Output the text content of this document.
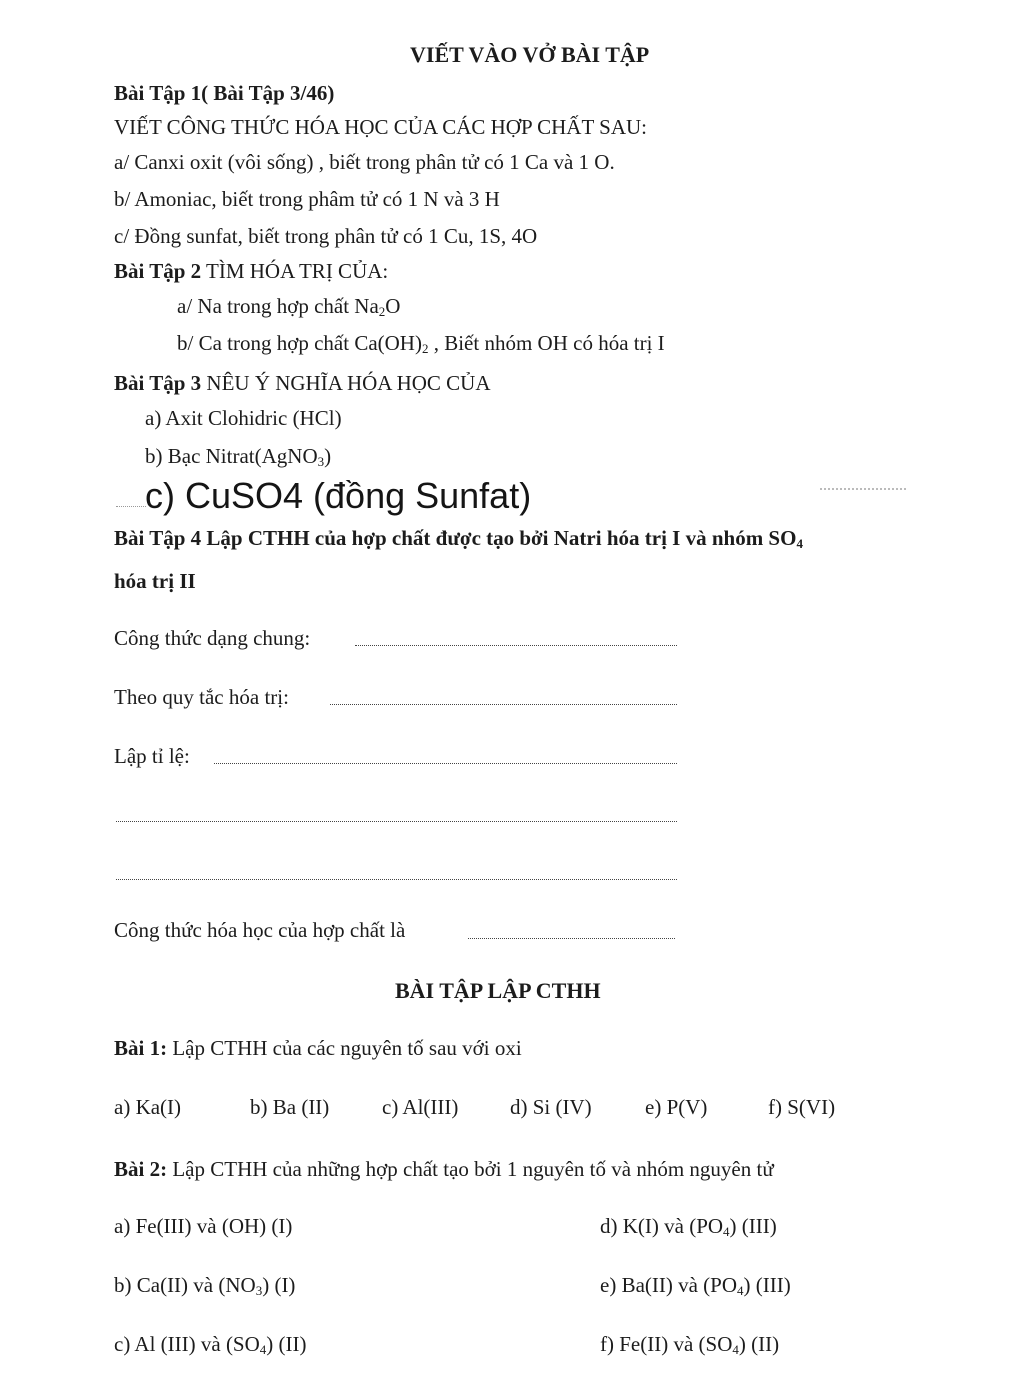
VIẾT VÀO VỞ BÀI TẬP
Bài Tập 1( Bài Tập 3/46)
VIẾT CÔNG THỨC HÓA HỌC CỦA CÁC HỢP CHẤT SAU:
a/ Canxi oxit (vôi sống) , biết trong phân tử có 1 Ca và 1 O.
b/ Amoniac, biết trong phâm tử có 1 N và 3 H
c/ Đồng sunfat, biết trong phân tử có 1 Cu, 1S, 4O
Bài Tập 2 TÌM HÓA TRỊ CỦA:
a/ Na trong hợp chất $Na_2O$
b/ Ca trong hợp chất $Ca(OH)_2$ , Biết nhóm OH có hóa trị I
Bài Tập 3 NÊU Ý NGHĨA HÓA HỌC CỦA
a) Axit Clohidric (HCl)
b) Bạc Nitrat(AgNO$_3$)
c) CuSO4 (đồng Sunfat)
Bài Tập 4 Lập CTHH của hợp chất được tạo bởi Natri hóa trị I và nhóm $SO_4$
hóa trị II
Công thức dạng chung:
Theo quy tắc hóa trị:
Lập tỉ lệ:
Công thức hóa học của hợp chất là
BÀI TẬP LẬP CTHH
Bài 1: Lập CTHH của các nguyên tố sau với oxi
a) Ka(I)	b) Ba (II)	c) Al(III) d) Si (IV)	e) P(V)	f) S(VI)
Bài 2: Lập CTHH của những hợp chất tạo bởi 1 nguyên tố và nhóm nguyên tử
a) Fe(III) và (OH) (I)	d) K(I) và $(PO_4)$ (III)
b) Ca(II) và $(NO_3)$ (I)	e) Ba(II) và $(PO_4)$ (III)
c) Al (III) và $(SO_4)$ (II)	f) Fe(II) và $(SO_4)$ (II)
